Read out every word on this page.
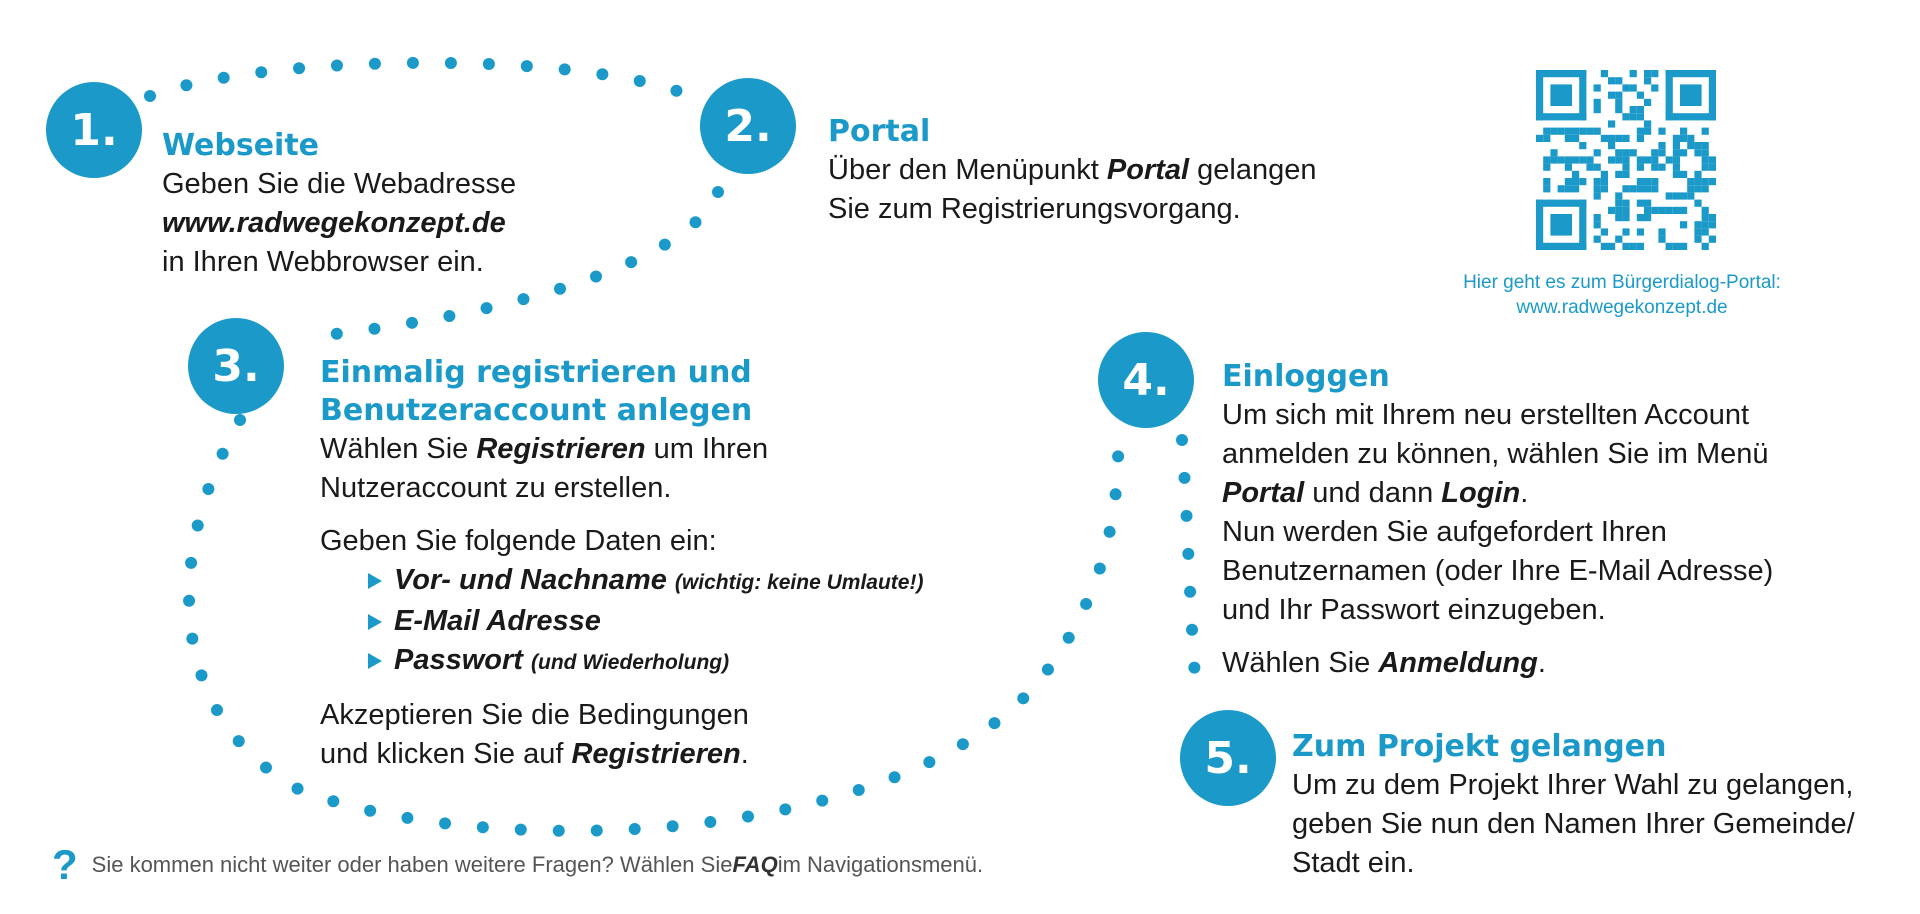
1.	Webseite

Geben Sie die Webadresse

www.radwegekonzept.de

in Ihren Webbrowser ein.

2.	Portal

Über den Menüpunkt Portal gelangen

Sie zum Registrierungsvorgang.

Hier geht es zum Bürgerdialog-Portal:
www.radwegekonzept.de
3.	Einmalig registrieren und
Benutzeraccount anlegen

Wählen Sie Registrieren um Ihren

Nutzeraccount zu erstellen.

Geben Sie folgende Daten ein:

Vor- und Nachname
(wichtig: keine Umlaute!)
E-Mail Adresse
Passwort
(und Wiederholung)

Akzeptieren Sie die Bedingungen

und klicken Sie auf Registrieren.

4.	Einloggen

Um sich mit Ihrem neu erstellten Account

anmelden zu können, wählen Sie im Menü

Portal und dann Login.

Nun werden Sie aufgefordert Ihren

Benutzernamen (oder Ihre E-Mail Adresse)

und Ihr Passwort einzugeben.

Wählen Sie Anmeldung.

5.	Zum Projekt gelangen

Um zu dem Projekt Ihrer Wahl zu gelangen,

geben Sie nun den Namen Ihrer Gemeinde/

Stadt ein.

? Sie kommen nicht weiter oder haben weitere Fragen? Wählen Sie FAQ im Navigationsmenü.
